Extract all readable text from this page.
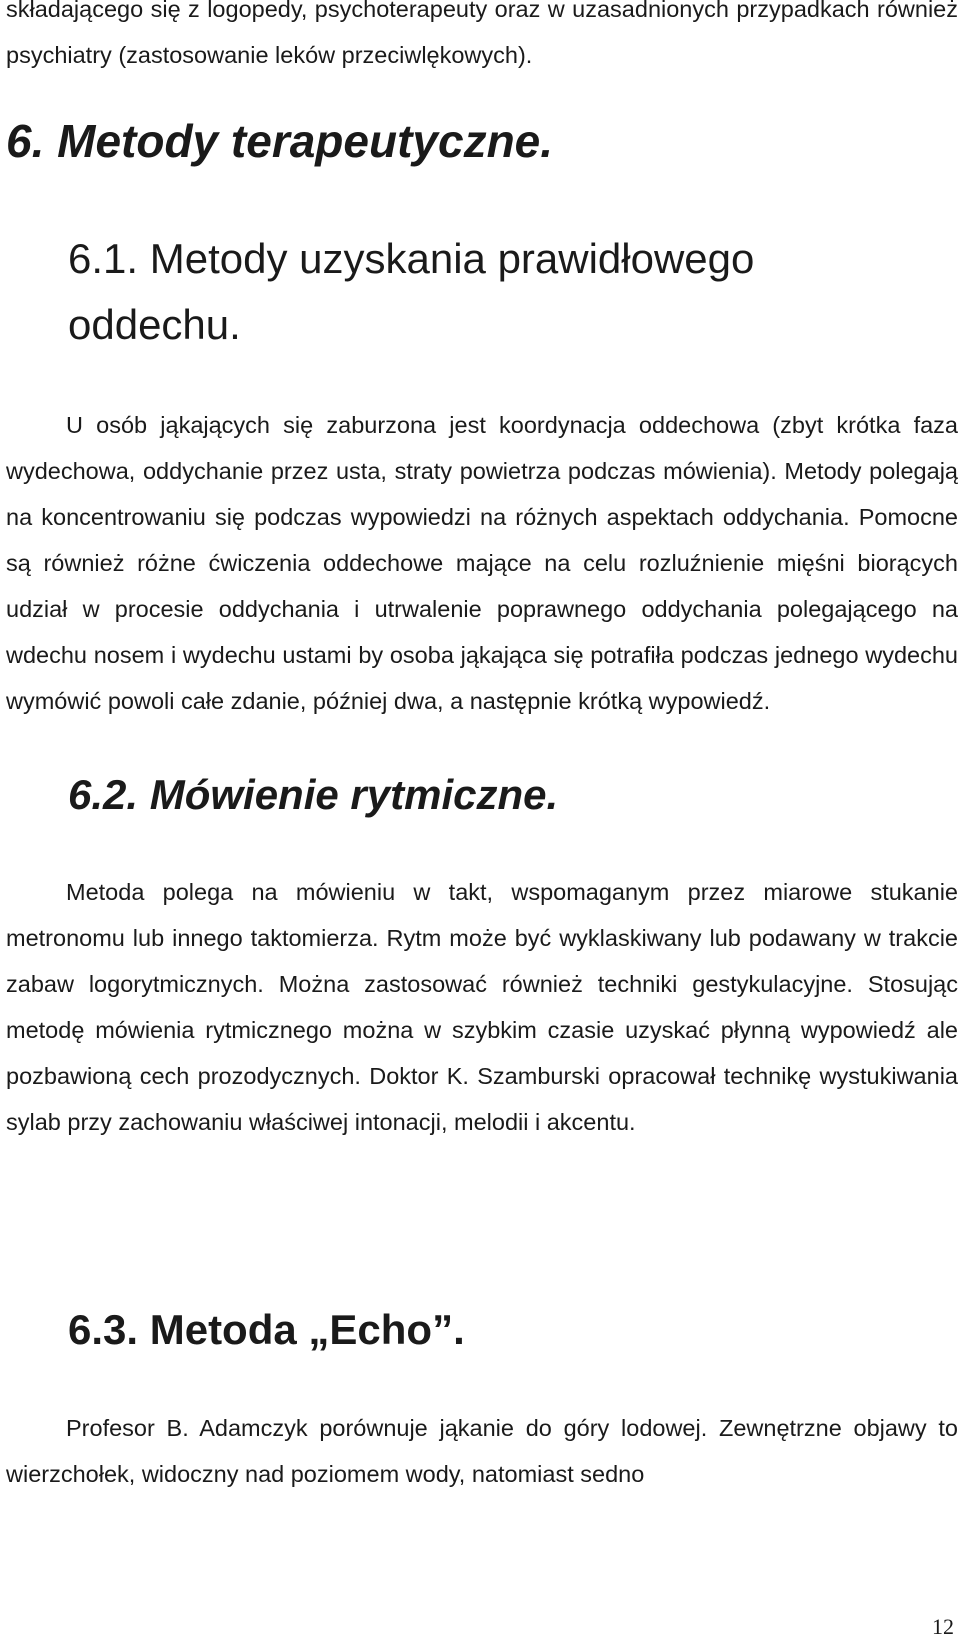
składającego się z logopedy, psychoterapeuty oraz w uzasadnionych przypadkach również psychiatry (zastosowanie leków przeciwlękowych).

6. Metody terapeutyczne.
6.1. Metody uzyskania prawidłowego
oddechu.

U osób jąkających się zaburzona jest koordynacja oddechowa (zbyt krótka faza wydechowa, oddychanie przez usta, straty powietrza podczas mówienia). Metody polegają na koncentrowaniu się podczas wypowiedzi na różnych aspektach oddychania. Pomocne są również różne ćwiczenia oddechowe mające na celu rozluźnienie mięśni biorących udział w procesie oddychania i utrwalenie poprawnego oddychania polegającego na wdechu nosem i wydechu ustami by osoba jąkająca się potrafiła podczas jednego wydechu wymówić powoli całe zdanie, później dwa, a następnie krótką wypowiedź.

6.2. Mówienie rytmiczne.

Metoda polega na mówieniu w takt, wspomaganym przez miarowe stukanie metronomu lub innego taktomierza. Rytm może być wyklaskiwany lub podawany w trakcie zabaw logorytmicznych. Można zastosować również techniki gestykulacyjne. Stosując metodę mówienia rytmicznego można w szybkim czasie uzyskać płynną wypowiedź ale pozbawioną cech prozodycznych. Doktor K. Szamburski opracował technikę wystukiwania sylab przy zachowaniu właściwej intonacji, melodii i akcentu.

6.3. Metoda „Echo”.

Profesor B. Adamczyk porównuje jąkanie do góry lodowej. Zewnętrzne objawy to wierzchołek, widoczny nad poziomem wody, natomiast sedno

12
